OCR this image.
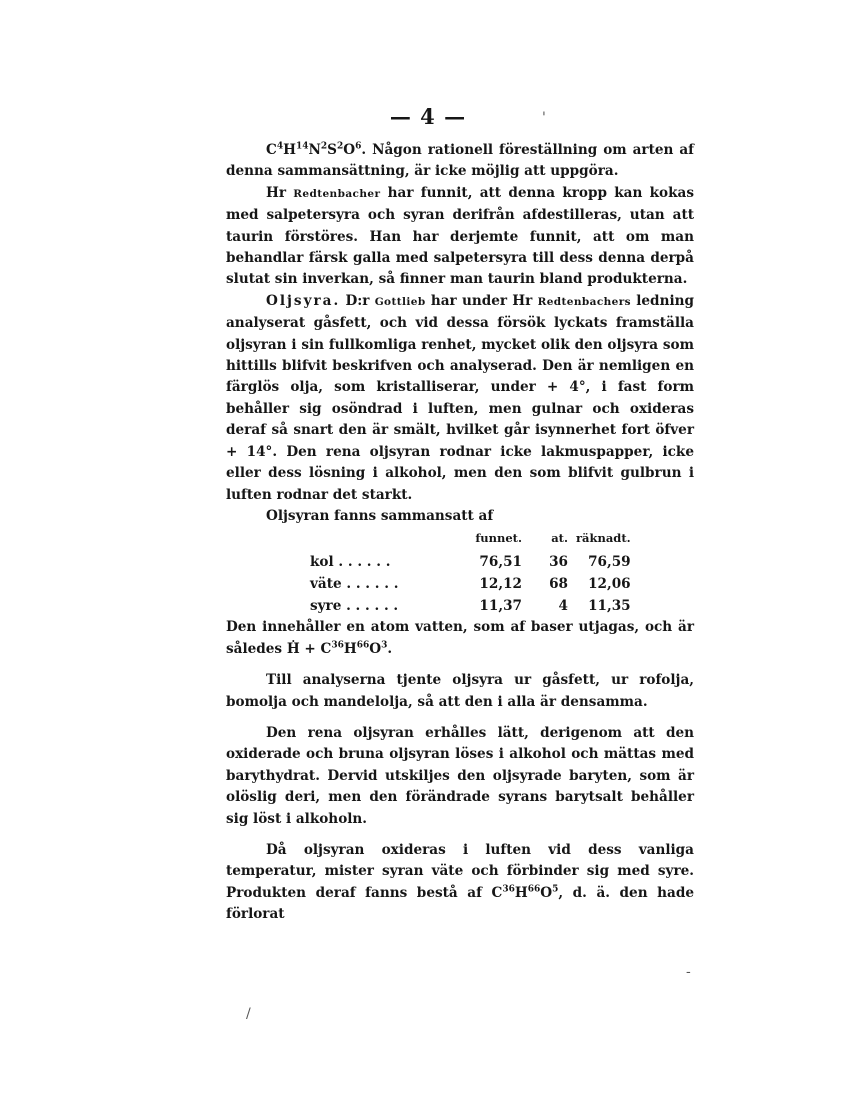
— 4 —	'
-
/

$C^4H^{14}N^2S^2O^6$. Någon rationell föreställning om arten af denna sammansättning, är icke möjlig att uppgöra.

Hr Redtenbacher har funnit, att denna kropp kan kokas med salpetersyra och syran derifrån afdestilleras, utan att taurin förstöres. Han har derjemte funnit, att om man behandlar färsk galla med salpetersyra till dess denna derpå slutat sin inverkan, så finner man taurin bland produkterna.

Oljsyra. D:r Gottlieb har under Hr Redtenbachers ledning analyserat gåsfett, och vid dessa försök lyckats framställa oljsyran i sin fullkomliga renhet, mycket olik den oljsyra som hittills blifvit beskrifven och analyserad. Den är nemligen en färglös olja, som kristalliserar, under + 4°, i fast form behåller sig osöndrad i luften, men gulnar och oxideras deraf så snart den är smält, hvilket går isynnerhet fort öfver + 14°. Den rena oljsyran rodnar icke lakmuspapper, icke eller dess lösning i alkohol, men den som blifvit gulbrun i luften rodnar det starkt.

Oljsyran fanns sammansatt af

	funnet.	at.	räknadt.
kol . . . . . .	76,51	36	76,59
väte . . . . . .	12,12	68	12,06
syre . . . . . .	11,37	4	11,35

Den innehåller en atom vatten, som af baser utjagas, och är således Ḣ + $C^{36}H^{66}O^3$.

Till analyserna tjente oljsyra ur gåsfett, ur rofolja, bomolja och mandelolja, så att den i alla är densamma.

Den rena oljsyran erhålles lätt, derigenom att den oxiderade och bruna oljsyran löses i alkohol och mättas med barythydrat. Dervid utskiljes den oljsyrade baryten, som är olöslig deri, men den förändrade syrans barytsalt behåller sig löst i alkoholn.

Då oljsyran oxideras i luften vid dess vanliga temperatur, mister syran väte och förbinder sig med syre. Produkten deraf fanns bestå af $C^{36}H^{66}O^5$, d. ä. den hade förlorat
